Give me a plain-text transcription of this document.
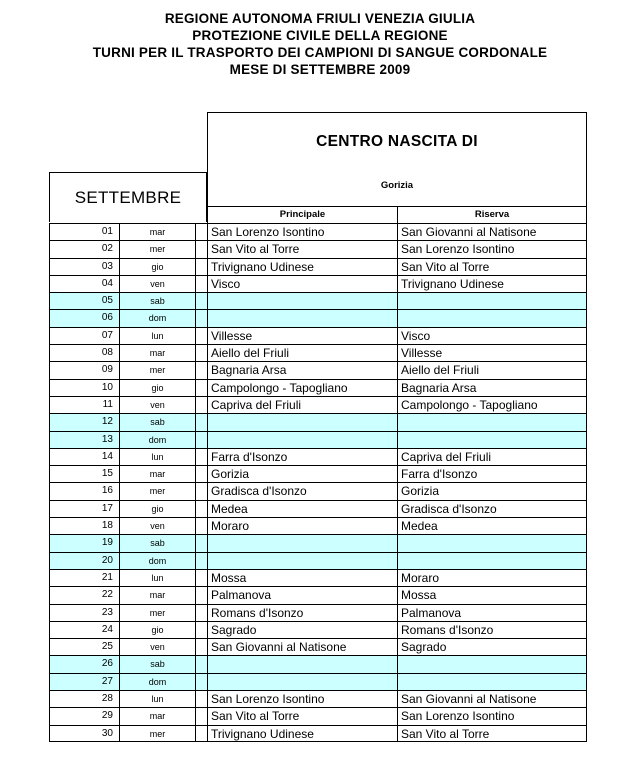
REGIONE AUTONOMA FRIULI VENEZIA GIULIA
PROTEZIONE CIVILE DELLA REGIONE
TURNI PER IL TRASPORTO DEI CAMPIONI DI SANGUE CORDONALE
MESE DI SETTEMBRE 2009
SETTEMBRE
CENTRO NASCITA DI
Gorizia
Principale	Riserva
01	mar	San Lorenzo Isontino	San Giovanni al Natisone
02	mer	San Vito al Torre	San Lorenzo Isontino
03	gio	Trivignano Udinese	San Vito al Torre
04	ven	Visco	Trivignano Udinese
05	sab
06	dom
07	lun	Villesse	Visco
08	mar	Aiello del Friuli	Villesse
09	mer	Bagnaria Arsa	Aiello del Friuli
10	gio	Campolongo - Tapogliano	Bagnaria Arsa
11	ven	Capriva del Friuli	Campolongo - Tapogliano
12	sab
13	dom
14	lun	Farra d'Isonzo	Capriva del Friuli
15	mar	Gorizia	Farra d'Isonzo
16	mer	Gradisca d'Isonzo	Gorizia
17	gio	Medea	Gradisca d'Isonzo
18	ven	Moraro	Medea
19	sab
20	dom
21	lun	Mossa	Moraro
22	mar	Palmanova	Mossa
23	mer	Romans d'Isonzo	Palmanova
24	gio	Sagrado	Romans d'Isonzo
25	ven	San Giovanni al Natisone	Sagrado
26	sab
27	dom
28	lun	San Lorenzo Isontino	San Giovanni al Natisone
29	mar	San Vito al Torre	San Lorenzo Isontino
30	mer	Trivignano Udinese	San Vito al Torre
